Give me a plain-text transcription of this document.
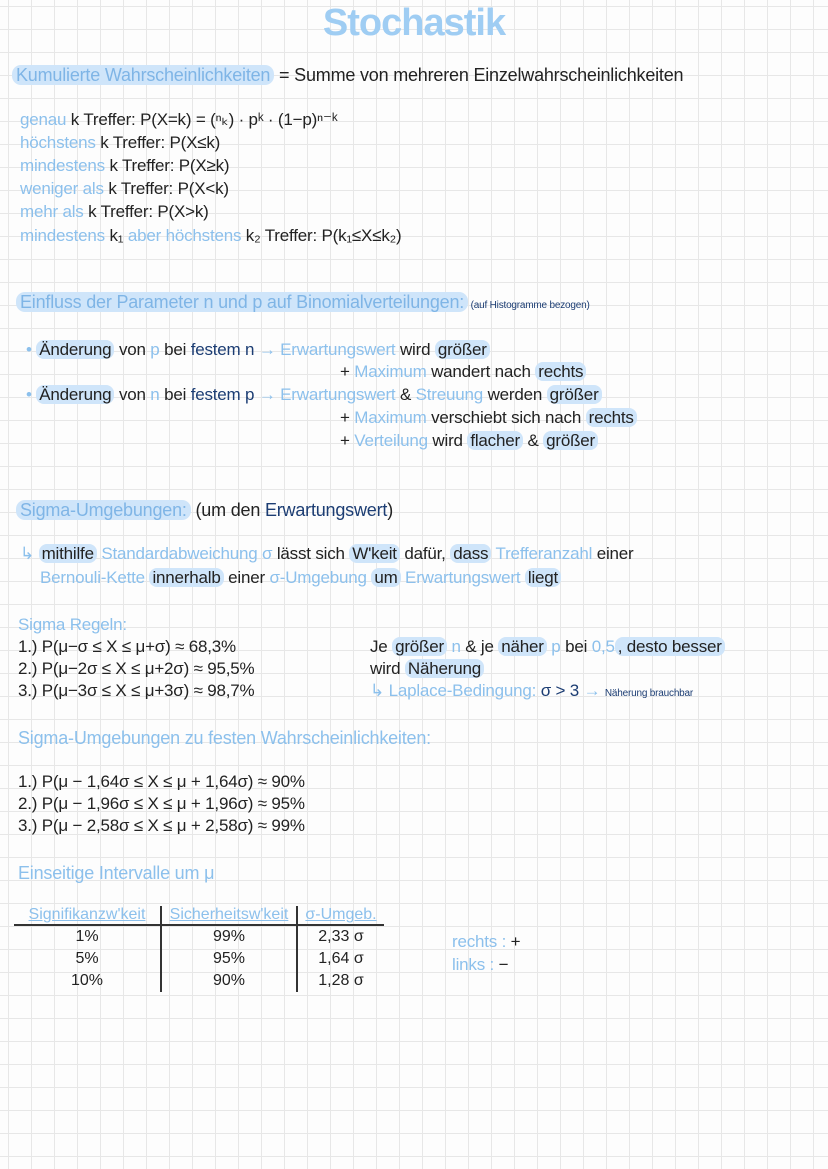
Stochastik
Kumulierte Wahrscheinlichkeiten = Summe von mehreren Einzelwahrscheinlichkeiten
genau k Treffer: P(X=k) = (ⁿₖ) · pᵏ · (1−p)ⁿ⁻ᵏ
höchstens k Treffer: P(X≤k)
mindestens k Treffer: P(X≥k)
weniger als k Treffer: P(X<k)
mehr als k Treffer: P(X>k)
mindestens k₁ aber höchstens k₂ Treffer: P(k₁≤X≤k₂)
Einfluss der Parameter n und p auf Binomialverteilungen: (auf Histogramme bezogen)
• Änderung von p bei festem n → Erwartungswert wird größer
+ Maximum wandert nach rechts
• Änderung von n bei festem p → Erwartungswert & Streuung werden größer
+ Maximum verschiebt sich nach rechts
+ Verteilung wird flacher & größer
Sigma-Umgebungen: (um den Erwartungswert)
↳ mithilfe Standardabweichung σ lässt sich W'keit dafür, dass Trefferanzahl einer
Bernouli-Kette innerhalb einer σ-Umgebung um Erwartungswert liegt
Sigma Regeln:
1.) P(μ−σ ≤ X ≤ μ+σ) ≈ 68,3%
2.) P(μ−2σ ≤ X ≤ μ+2σ) ≈ 95,5%
3.) P(μ−3σ ≤ X ≤ μ+3σ) ≈ 98,7%
Je größer n & je näher p bei 0,5 , desto besser
wird Näherung
↳ Laplace-Bedingung: σ > 3 → Näherung brauchbar
Sigma-Umgebungen zu festen Wahrscheinlichkeiten:
1.) P(μ − 1,64σ ≤ X ≤ μ + 1,64σ) ≈ 90%
2.) P(μ − 1,96σ ≤ X ≤ μ + 1,96σ) ≈ 95%
3.) P(μ − 2,58σ ≤ X ≤ μ + 2,58σ) ≈ 99%
Einseitige Intervalle um μ
Signifikanzw'keit	Sicherheitsw'keit	σ-Umgeb.
1%	99%	2,33 σ
5%	95%	1,64 σ
10%	90%	1,28 σ
rechts : +
links : −
